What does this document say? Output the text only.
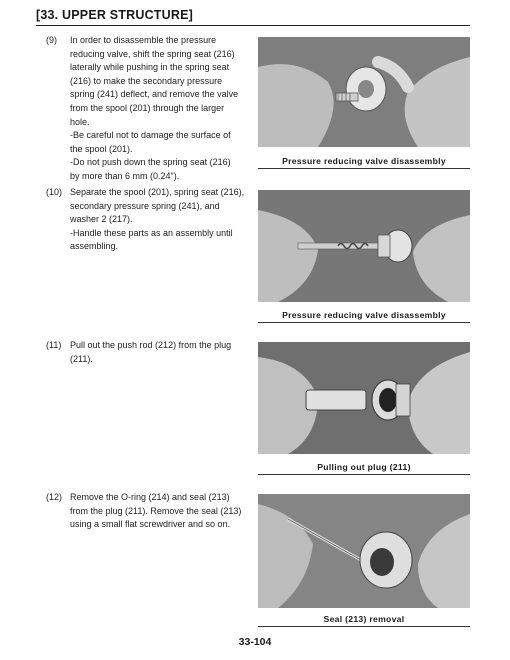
[33. UPPER STRUCTURE]
(9) In order to disassemble the pressure
reducing valve, shift the spring seat (216)
laterally while pushing in the spring seat
(216) to make the secondary pressure
spring (241) deflect, and remove the valve
from the spool (201) through the larger
hole.
-Be careful not to damage the surface of
the spool (201).
-Do not push down the spring seat (216)
by more than 6 mm (0.24").
Pressure reducing valve disassembly
(10) Separate the spool (201), spring seat (216),
secondary pressure spring (241), and
washer 2 (217).
-Handle these parts as an assembly until
assembling.
Pressure reducing valve disassembly
(11) Pull out the push rod (212) from the plug
(211).
Pulling out plug (211)
(12) Remove the O-ring (214) and seal (213)
from the plug (211). Remove the seal (213)
using a small flat screwdriver and so on.
Seal (213) removal
33-104
